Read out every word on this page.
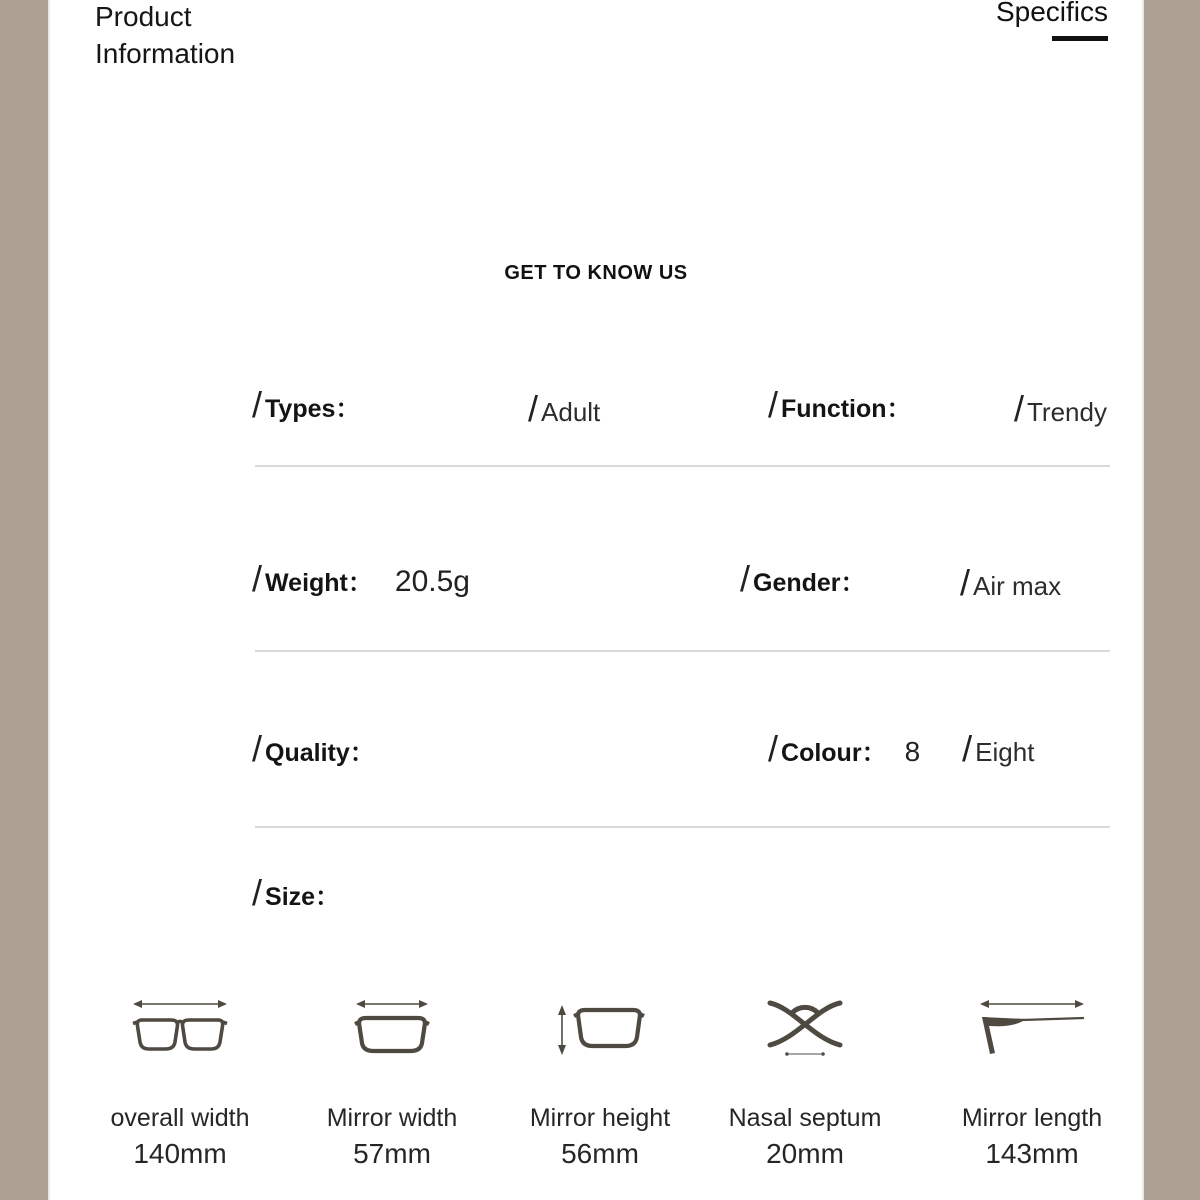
Product
Information
Specifics
GET TO KNOW US
/ Types ：	/ Adult	/ Function ：	/ Trendy
/ Weight ： 20.5g	/ Gender ：	/ Air max
/ Quality ：	/ Colour ： 8 / Eight
/ Size ：
overall width
140mm
Mirror width
57mm
Mirror height
56mm
Nasal septum
20mm
Mirror length
143mm
